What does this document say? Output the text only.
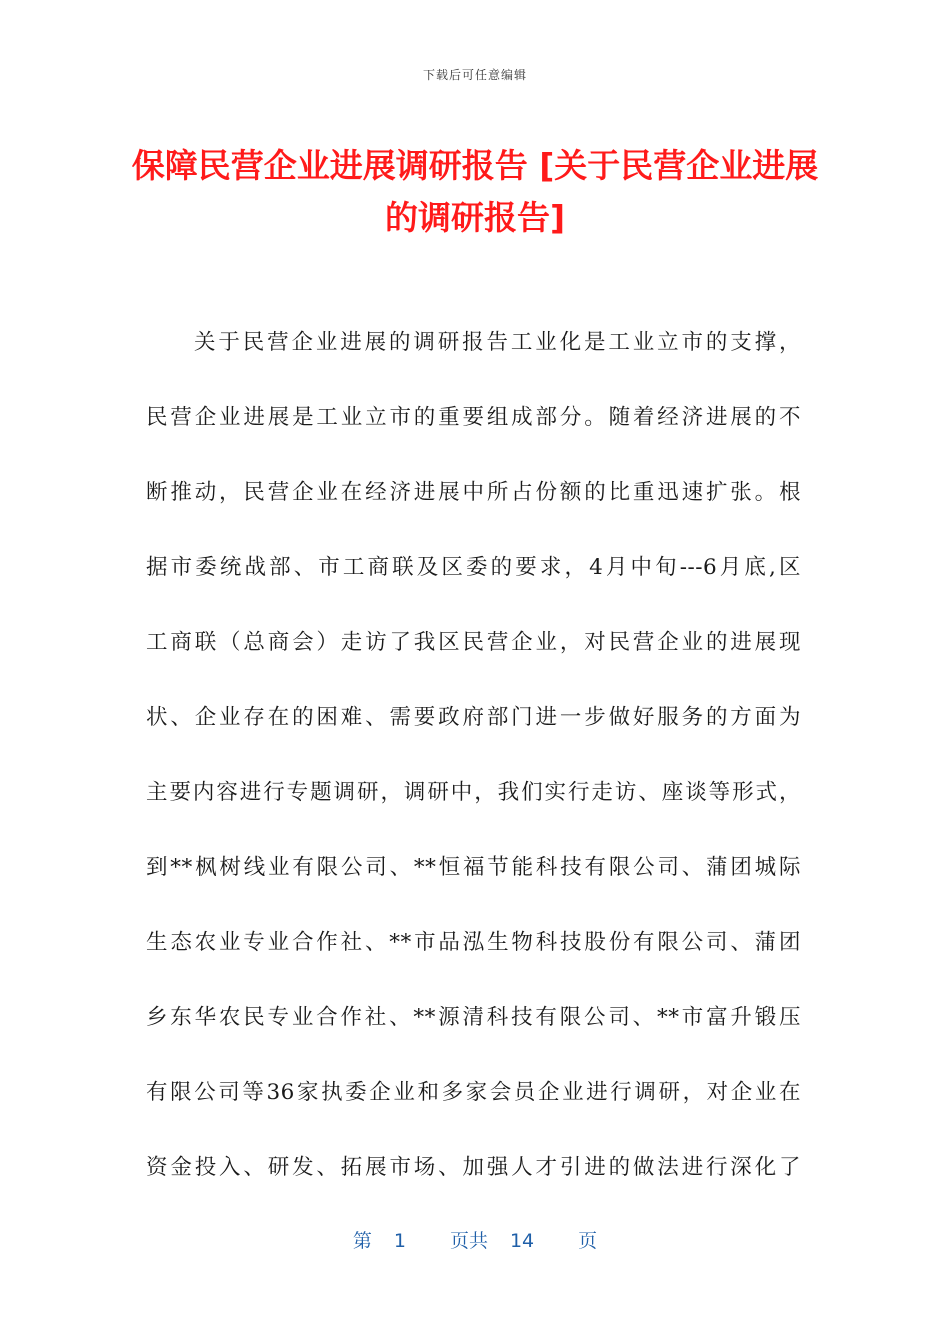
下载后可任意编辑
保障民营企业进展调研报告 [关于民营企业进展的调研报告]
关于民营企业进展的调研报告工业化是工业立市的支撑，
民营企业进展是工业立市的重要组成部分。随着经济进展的不
断推动，民营企业在经济进展中所占份额的比重迅速扩张。根
据市委统战部、市工商联及区委的要求，4月中旬---6月底,区
工商联（总商会）走访了我区民营企业，对民营企业的进展现
状、企业存在的困难、需要政府部门进一步做好服务的方面为
主要内容进行专题调研，调研中，我们实行走访、座谈等形式，
到**枫树线业有限公司、**恒福节能科技有限公司、蒲团城际
生态农业专业合作社、**市品泓生物科技股份有限公司、蒲团
乡东华农民专业合作社、**源清科技有限公司、**市富升锻压
有限公司等36家执委企业和多家会员企业进行调研，对企业在
资金投入、研发、拓展市场、加强人才引进的做法进行深化了
第 1 页共 14 页
